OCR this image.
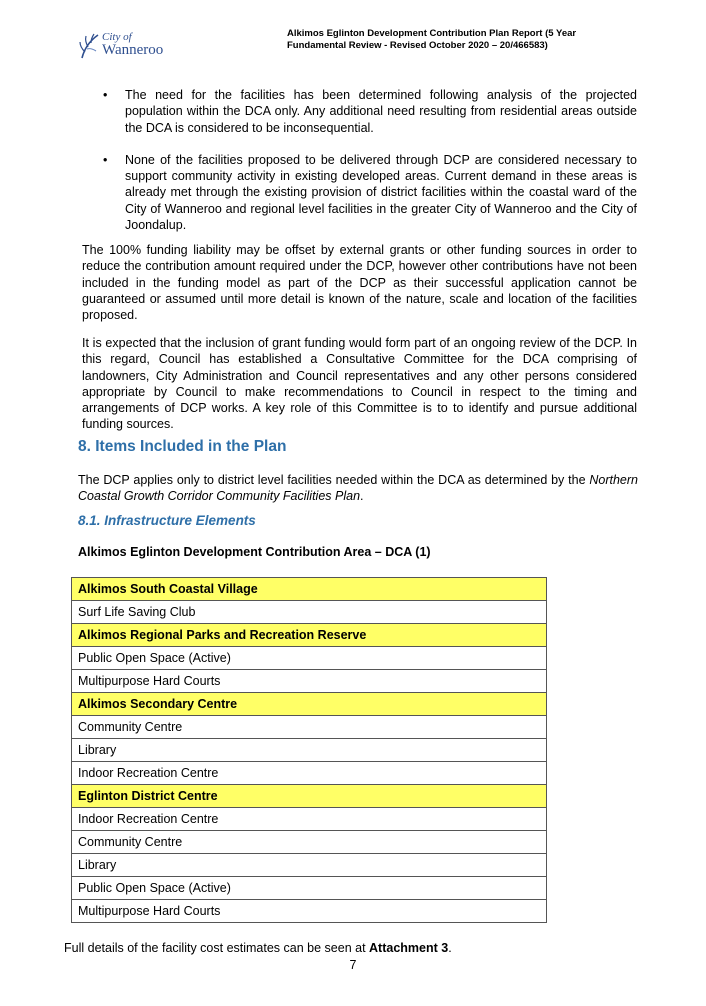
City of
Wanneroo
Alkimos Eglinton Development Contribution Plan Report (5 Year Fundamental Review - Revised October 2020 – 20/466583)
• The need for the facilities has been determined following analysis of the projected population within the DCA only. Any additional need resulting from residential areas outside the DCA is considered to be inconsequential.
• None of the facilities proposed to be delivered through DCP are considered necessary to support community activity in existing developed areas. Current demand in these areas is already met through the existing provision of district facilities within the coastal ward of the City of Wanneroo and regional level facilities in the greater City of Wanneroo and the City of Joondalup.

The 100% funding liability may be offset by external grants or other funding sources in order to reduce the contribution amount required under the DCP, however other contributions have not been included in the funding model as part of the DCP as their successful application cannot be guaranteed or assumed until more detail is known of the nature, scale and location of the facilities proposed.

It is expected that the inclusion of grant funding would form part of an ongoing review of the DCP. In this regard, Council has established a Consultative Committee for the DCA comprising of landowners, City Administration and Council representatives and any other persons considered appropriate by Council to make recommendations to Council in respect to the timing and arrangements of DCP works. A key role of this Committee is to to identify and pursue additional funding sources.

8. Items Included in the Plan

The DCP applies only to district level facilities needed within the DCA as determined by the Northern Coastal Growth Corridor Community Facilities Plan.

8.1. Infrastructure Elements

Alkimos Eglinton Development Contribution Area – DCA (1)

Alkimos South Coastal Village
Surf Life Saving Club
Alkimos Regional Parks and Recreation Reserve
Public Open Space (Active)
Multipurpose Hard Courts
Alkimos Secondary Centre
Community Centre
Library
Indoor Recreation Centre
Eglinton District Centre
Indoor Recreation Centre
Community Centre
Library
Public Open Space (Active)
Multipurpose Hard Courts

Full details of the facility cost estimates can be seen at Attachment 3.

7
